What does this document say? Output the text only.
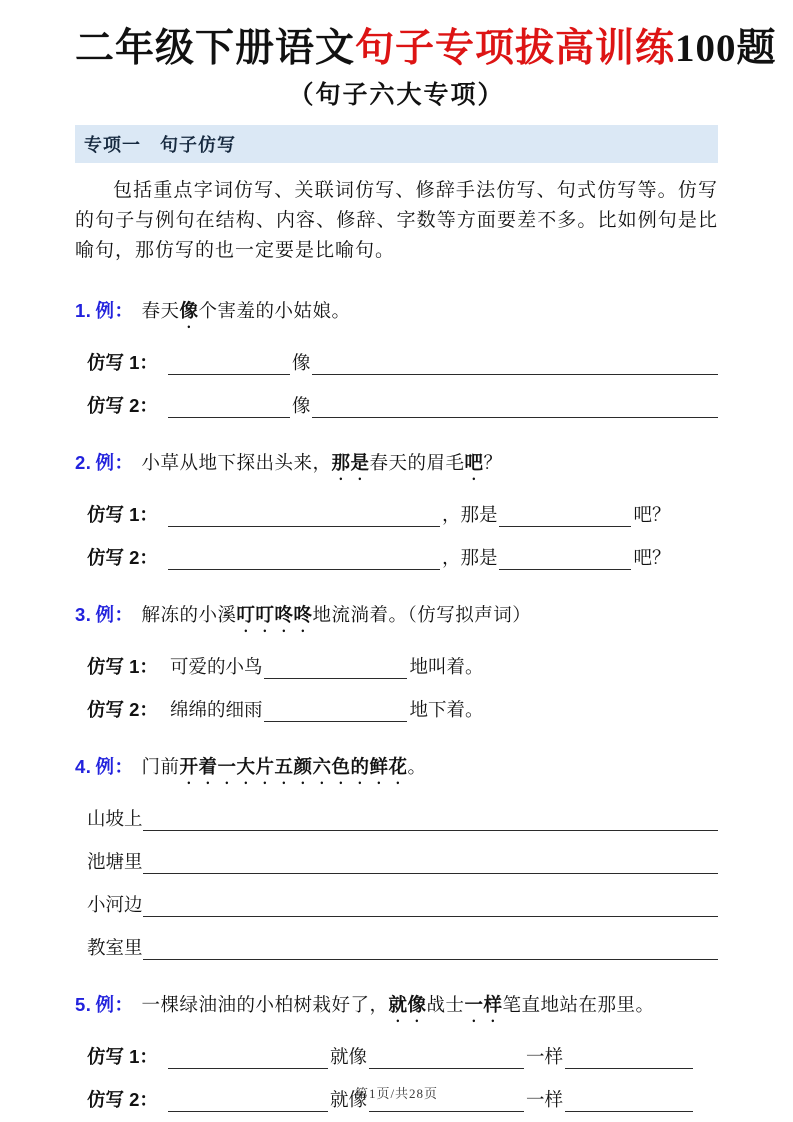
二年级下册语文句子专项拔高训练100题

（句子六大专项）

专项一　句子仿写

包括重点字词仿写、关联词仿写、修辞手法仿写、句式仿写等。仿写的句子与例句在结构、内容、修辞、字数等方面要差不多。比如例句是比喻句，那仿写的也一定要是比喻句。

1. 例： 春天像个害羞的小姑娘。

仿写 1：	像
仿写 2：	像

2. 例： 小草从地下探出头来，那是春天的眉毛吧？

仿写 1：	，那是	吧？
仿写 2：	，那是	吧？

3. 例： 解冻的小溪叮叮咚咚地流淌着。（仿写拟声词）

仿写 1： 可爱的小鸟	地叫着。
仿写 2： 绵绵的细雨	地下着。

4. 例： 门前开着一大片五颜六色的鲜花。

山坡上
池塘里
小河边
教室里

5. 例： 一棵绿油油的小柏树栽好了，就像战士一样笔直地站在那里。

仿写 1：	就像	一样
仿写 2：	就像	一样
第1页/共28页
